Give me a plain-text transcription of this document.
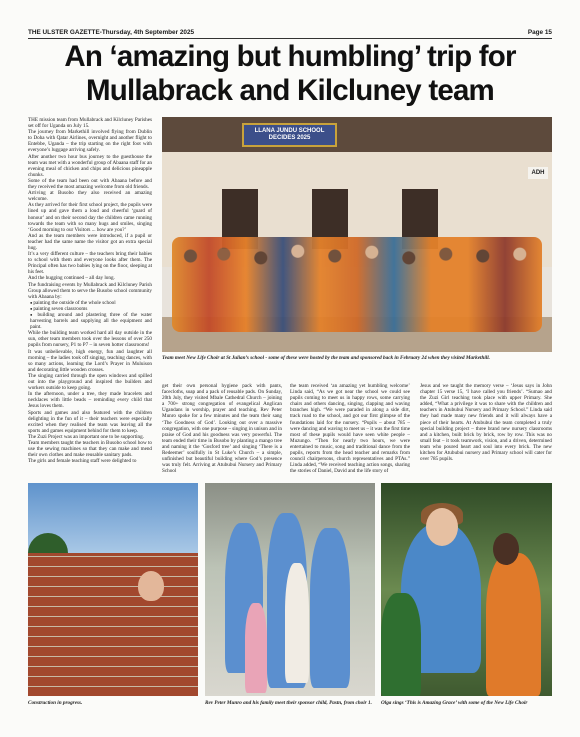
THE ULSTER GAZETTE-Thursday, 4th September 2025	Page 15
An ‘amazing but humbling’ trip for
Mullabrack and Kilcluney team

THE mission team from Mullabrack and Kilcluney Parishes set off for Uganda on July 15.

The journey from Markethill involved flying from Dublin to Doha with Qatar Airlines, overnight and another flight to Entebbe, Uganda – the trip starting on the right foot with everyone’s luggage arriving safely.

After another two hour bus journey to the guesthouse the team was met with a wonderful group of Abaana staff for an evening meal of chicken and chips and delicious pineapple chunks.

Some of the team had been out with Abaana before and they received the most amazing welcome from old friends.

Arriving at Busobo they also received an amazing welcome.

As they arrived for their first school project, the pupils were lined up and gave them a loud and cheerful ‘guard of honour’ and on their second day the children came running towards the team with so many hugs and smiles, singing ‘Good morning to our Visitors ... how are you?’

And as the team members were introduced, if a pupil or teacher had the same name the visitor got an extra special hug.

It’s a very different culture – the teachers bring their babies to school with them and everyone looks after them. The Principal often has two babies lying on the floor, sleeping at his feet.

And the hugging continued – all day long.

The fundraising events by Mullabrack and Kilcluney Parish Group allowed them to serve the Busobo school community with Abaana by:

● painting the outside of the whole school
● painting seven classrooms
● building around and plastering three of the water harvesting barrels and supplying all the equipment and paint.

While the building team worked hard all day outside in the sun, other team members took over the lessons of over 250 pupils from nursery, P1 to P7 – in seven hotter classrooms!

It was unbelievable, high energy, fun and laughter all morning – the ladies took off singing, teaching dances, with so many actions, learning the Lord’s Prayer in Muluison and decorating little wooden crosses.

The singing carried through the open windows and spilled out into the playground and inspired the builders and workers outside to keep going.

In the afternoon, under a tree, they made bracelets and necklaces with little beads – reminding every child that Jesus loves them.

Sports and games and also featured with the children delighting in the fun of it – their teachers were especially excited when they realised the team was leaving all the sports and games equipment behind for them to keep.

The Zuzi Project was an important one to be supporting.

Team members taught the teachers in Busobo school how to use the sewing machines so that they can make and mend their own clothes and make reusable sanitary pads.

The girls and female teaching staff were delighted to

LLANA JUNDU SCHOOL DECIDES 2025
ADH
Team meet New Life Choir at St Julian’s school - some of these were hosted by the team and sponsored back in February 24 when they visited Markethill.

get their own personal hygiene pack with pants, facecloths, soap and a pack of reusable pads. On Sunday, 20th July, they visited Mbale Cathedral Church – joining a 700+ strong congregation of evangelical Anglican Ugandans in worship, prayer and teaching. Rev Peter Munro spoke for a few minutes and the team their sang ‘The Goodness of God’. Looking out over a massive congregation, with one purpose – singing in unison and in praise of God and his goodness was very powerful. The team ended their time in Busobo by planting a mango tree and naming it the ‘Gosford tree’ and singing ‘There is a Redeemer’ soulfully in St Luke’s Church – a simple, unfinished but beautiful building where God’s presence was truly felt. Arriving at Atububui Nursery and Primary School

the team received ‘an amazing yet humbling welcome’ Linda said, “As we got near the school we could see pupils coming to meet us in happy rows, some carrying chairs and others dancing, singing, clapping and waving branches high. “We were paraded in along a side dirt, track road to the school, and got our first glimpse of the foundations laid for the nursery. “Pupils – about 785 – were dancing and waving to meet us – it was the first time most of these pupils would have seen white people – Muzungo. “Then for nearly two hours, we were entertained to music, song and traditional dance from the pupils, reports from the head teacher and remarks from council chairpersons, church representatives and PTAs.” Linda added, “We received teaching action songs, sharing the stories of Daniel, David and the life story of

Jesus and we taught the memory verse – ‘Jesus says in John chapter 15 verse 15, ‘I have called you friends’. “Sumao and the Zuzi Girl teaching took place with upper Primary. She added, “What a privilege it was to share with the children and teachers in Atububui Nursery and Primary School.” Linda said they had made many new friends and it will always have a piece of their hearts. At Atububui the team completed a truly special building project – three brand new nursery classrooms and a kitchen, built brick by brick, row by row. This was no small feat – it took teamwork, vision, and a driven, determined team who poured heart and soul into every brick. The new kitchen for Atububui nursery and Primary school will cater for over 785 pupils.

Construction in progress.	Rev Peter Munro and his family meet their sponsor child, Pastn, from choir 1.	Olga sings ‘This is Amazing Grace’ with some of the New Life Choir
